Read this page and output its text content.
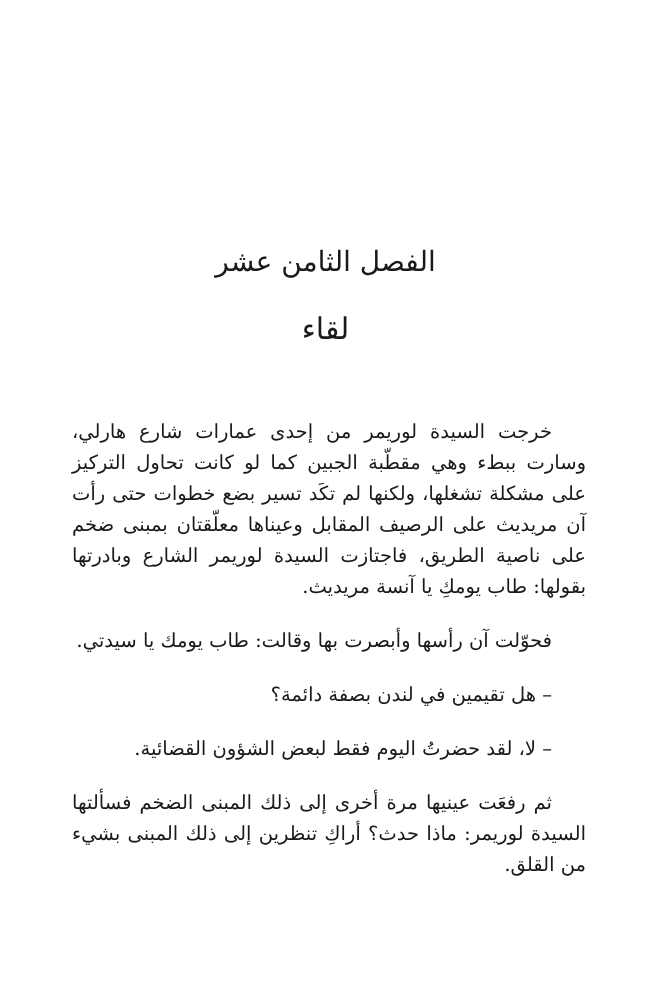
الفصل الثامن عشر
لقاء

خرجت السيدة لوريمر من إحدى عمارات شارع هارلي، وسارت ببطء وهي مقطّبة الجبين كما لو كانت تحاول التركيز على مشكلة تشغلها، ولكنها لم تكَد تسير بضع خطوات حتى رأت آن مريديث على الرصيف المقابل وعيناها معلّقتان بمبنى ضخم على ناصية الطريق، فاجتازت السيدة لوريمر الشارع وبادرتها بقولها: طاب يومكِ يا آنسة مريديث.

فحوّلت آن رأسها وأبصرت بها وقالت: طاب يومك يا سيدتي.

– هل تقيمين في لندن بصفة دائمة؟

– لا، لقد حضرتُ اليوم فقط لبعض الشؤون القضائية.

ثم رفعَت عينيها مرة أخرى إلى ذلك المبنى الضخم فسألتها السيدة لوريمر: ماذا حدث؟ أراكِ تنظرين إلى ذلك المبنى بشيء من القلق.
